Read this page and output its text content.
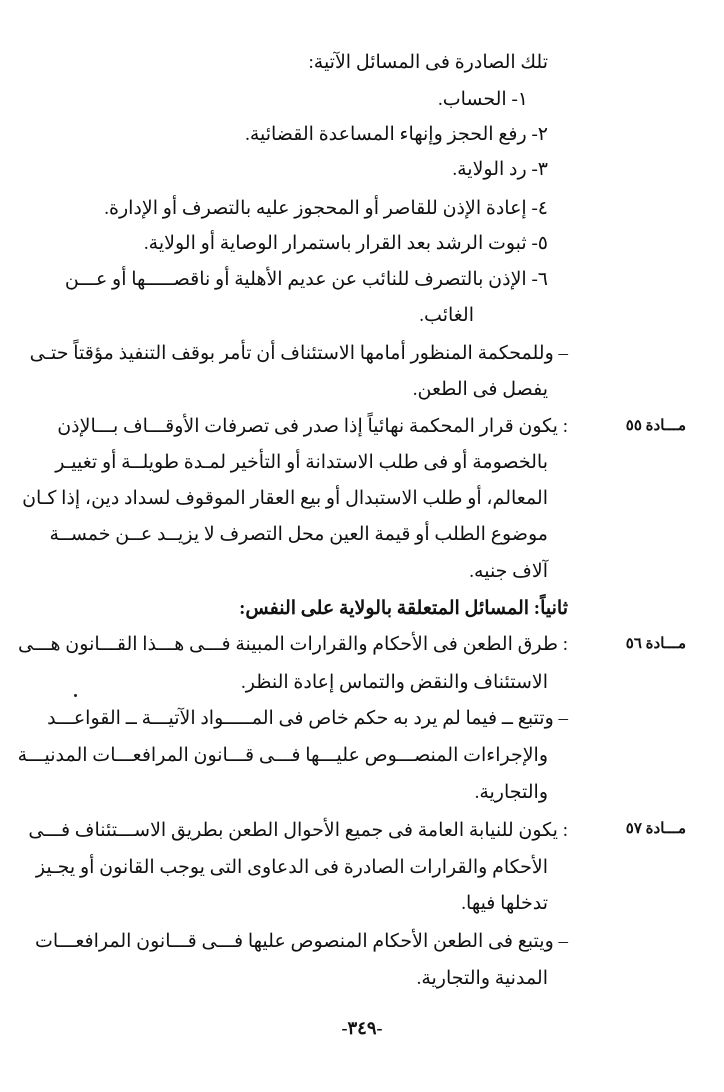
تلك الصادرة فى المسائل الآتية:
١- الحساب.
٢- رفع الحجز وإنهاء المساعدة القضائية.
٣- رد الولاية.
٤- إعادة الإذن للقاصر أو المحجوز عليه بالتصرف أو الإدارة.
٥- ثبوت الرشد بعد القرار باستمرار الوصاية أو الولاية.
٦- الإذن بالتصرف للنائب عن عديم الأهلية أو ناقصـــــها أو عـــن
الغائب.
– وللمحكمة المنظور أمامها الاستئناف أن تأمر بوقف التنفيذ مؤقتاً حتـى
يفصل فى الطعن.
مـــادة ٥٥
: يكون قرار المحكمة نهائياً إذا صدر فى تصرفات الأوقـــاف بـــالإذن
بالخصومة أو فى طلب الاستدانة أو التأخير لمـدة طويلــة أو تغييـر
المعالم، أو طلب الاستبدال أو بيع العقار الموقوف لسداد دين، إذا كـان
موضوع الطلب أو قيمة العين محل التصرف لا يزيــد عــن خمســة
آلاف جنيه.
ثانياً: المسائل المتعلقة بالولاية على النفس:
مـــادة ٥٦
: طرق الطعن فى الأحكام والقرارات المبينة فـــى هـــذا القـــانون هـــى
الاستئناف والنقض والتماس إعادة النظر.
– وتتبع ــ فيما لم يرد به حكم خاص فى المـــــواد الآتيـــة ــ القواعـــد
والإجراءات المنصـــوص عليـــها فـــى قـــانون المرافعـــات المدنيـــة
والتجارية.
مـــادة ٥٧
: يكون للنيابة العامة فى جميع الأحوال الطعن بطريق الاســـتئناف فـــى
الأحكام والقرارات الصادرة فى الدعاوى التى يوجب القانون أو يجـيز
تدخلها فيها.
– ويتبع فى الطعن الأحكام المنصوص عليها فـــى قـــانون المرافعـــات
المدنية والتجارية.
-٣٤٩-
